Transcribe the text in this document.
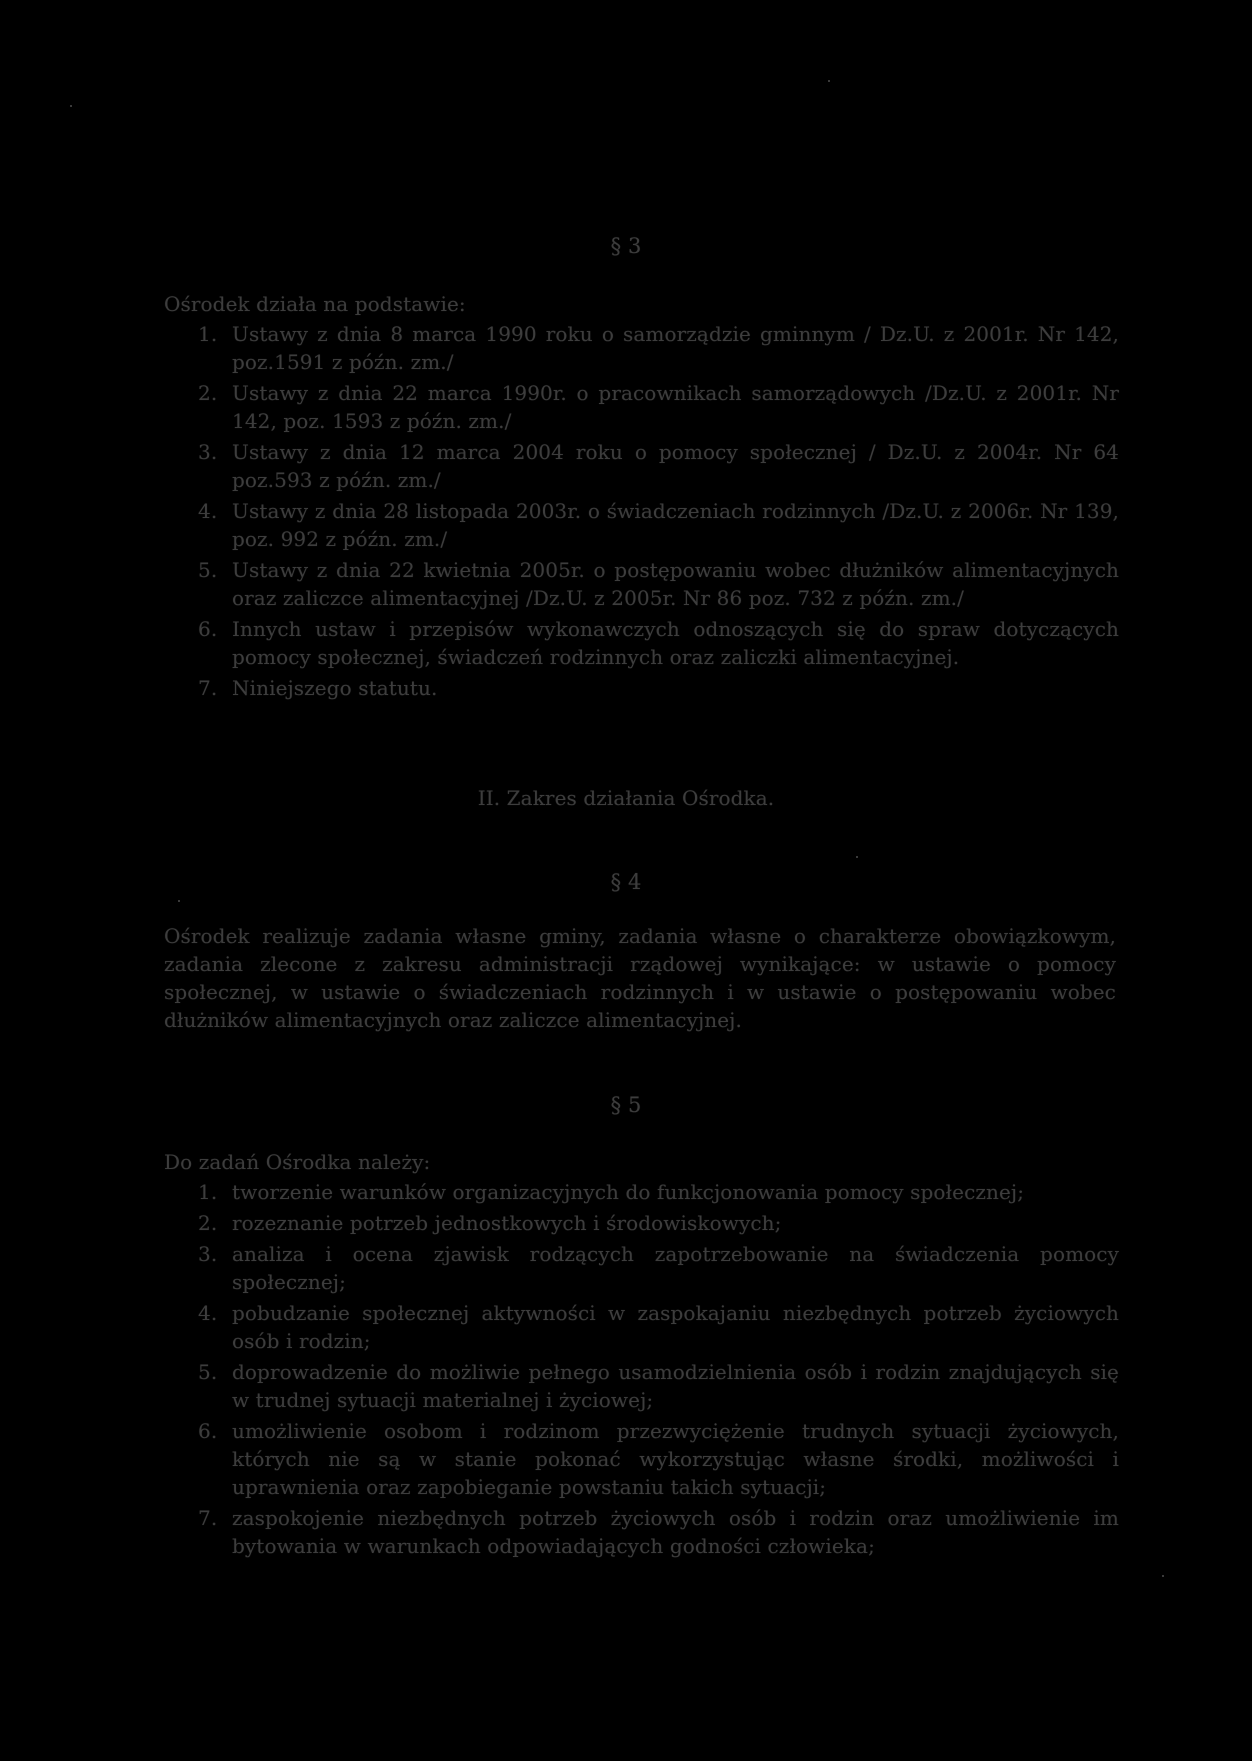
§ 3
Ośrodek działa na podstawie:
1. Ustawy z dnia 8 marca 1990 roku o samorządzie gminnym / Dz.U. z 2001r. Nr 142, poz.1591 z późn. zm./
2. Ustawy z dnia 22 marca 1990r. o pracownikach samorządowych /Dz.U. z 2001r. Nr 142, poz. 1593 z późn. zm./
3. Ustawy z dnia 12 marca 2004 roku o pomocy społecznej / Dz.U. z 2004r. Nr 64 poz.593 z późn. zm./
4. Ustawy z dnia 28 listopada 2003r. o świadczeniach rodzinnych /Dz.U. z 2006r. Nr 139, poz. 992 z późn. zm./
5. Ustawy z dnia 22 kwietnia 2005r. o postępowaniu wobec dłużników alimentacyjnych oraz zaliczce alimentacyjnej /Dz.U. z 2005r. Nr 86 poz. 732 z późn. zm./
6. Innych ustaw i przepisów wykonawczych odnoszących się do spraw dotyczących pomocy społecznej, świadczeń rodzinnych oraz zaliczki alimentacyjnej.
7. Niniejszego statutu.
II. Zakres działania Ośrodka.
§ 4
Ośrodek realizuje zadania własne gminy, zadania własne o charakterze obowiązkowym, zadania zlecone z zakresu administracji rządowej wynikające: w ustawie o pomocy społecznej, w ustawie o świadczeniach rodzinnych i w ustawie o postępowaniu wobec dłużników alimentacyjnych oraz zaliczce alimentacyjnej.
§ 5
Do zadań Ośrodka należy:
1. tworzenie warunków organizacyjnych do funkcjonowania pomocy społecznej;
2. rozeznanie potrzeb jednostkowych i środowiskowych;
3. analiza i ocena zjawisk rodzących zapotrzebowanie na świadczenia pomocy społecznej;
4. pobudzanie społecznej aktywności w zaspokajaniu niezbędnych potrzeb życiowych osób i rodzin;
5. doprowadzenie do możliwie pełnego usamodzielnienia osób i rodzin znajdujących się w trudnej sytuacji materialnej i życiowej;
6. umożliwienie osobom i rodzinom przezwyciężenie trudnych sytuacji życiowych, których nie są w stanie pokonać wykorzystując własne środki, możliwości i uprawnienia oraz zapobieganie powstaniu takich sytuacji;
7. zaspokojenie niezbędnych potrzeb życiowych osób i rodzin oraz umożliwienie im bytowania w warunkach odpowiadających godności człowieka;
